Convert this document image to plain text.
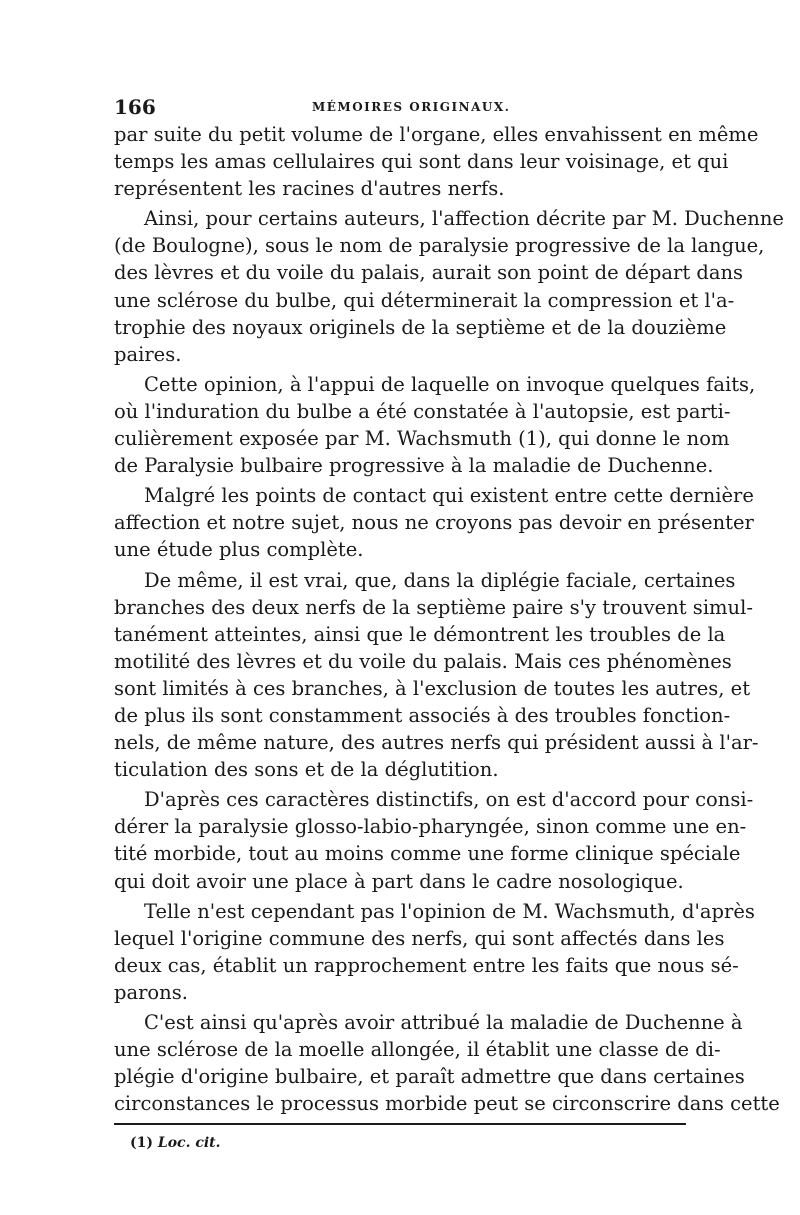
166	MÉMOIRES ORIGINAUX.
par suite du petit volume de l'organe, elles envahissent en même
temps les amas cellulaires qui sont dans leur voisinage, et qui
représentent les racines d'autres nerfs.
Ainsi, pour certains auteurs, l'affection décrite par M. Duchenne
(de Boulogne), sous le nom de paralysie progressive de la langue,
des lèvres et du voile du palais, aurait son point de départ dans
une sclérose du bulbe, qui déterminerait la compression et l'a-
trophie des noyaux originels de la septième et de la douzième
paires.
Cette opinion, à l'appui de laquelle on invoque quelques faits,
où l'induration du bulbe a été constatée à l'autopsie, est parti-
culièrement exposée par M. Wachsmuth (1), qui donne le nom
de Paralysie bulbaire progressive à la maladie de Duchenne.
Malgré les points de contact qui existent entre cette dernière
affection et notre sujet, nous ne croyons pas devoir en présenter
une étude plus complète.
De même, il est vrai, que, dans la diplégie faciale, certaines
branches des deux nerfs de la septième paire s'y trouvent simul-
tanément atteintes, ainsi que le démontrent les troubles de la
motilité des lèvres et du voile du palais. Mais ces phénomènes
sont limités à ces branches, à l'exclusion de toutes les autres, et
de plus ils sont constamment associés à des troubles fonction-
nels, de même nature, des autres nerfs qui président aussi à l'ar-
ticulation des sons et de la déglutition.
D'après ces caractères distinctifs, on est d'accord pour consi-
dérer la paralysie glosso-labio-pharyngée, sinon comme une en-
tité morbide, tout au moins comme une forme clinique spéciale
qui doit avoir une place à part dans le cadre nosologique.
Telle n'est cependant pas l'opinion de M. Wachsmuth, d'après
lequel l'origine commune des nerfs, qui sont affectés dans les
deux cas, établit un rapprochement entre les faits que nous sé-
parons.
C'est ainsi qu'après avoir attribué la maladie de Duchenne à
une sclérose de la moelle allongée, il établit une classe de di-
plégie d'origine bulbaire, et paraît admettre que dans certaines
circonstances le processus morbide peut se circonscrire dans cette
(1) Loc. cit.
